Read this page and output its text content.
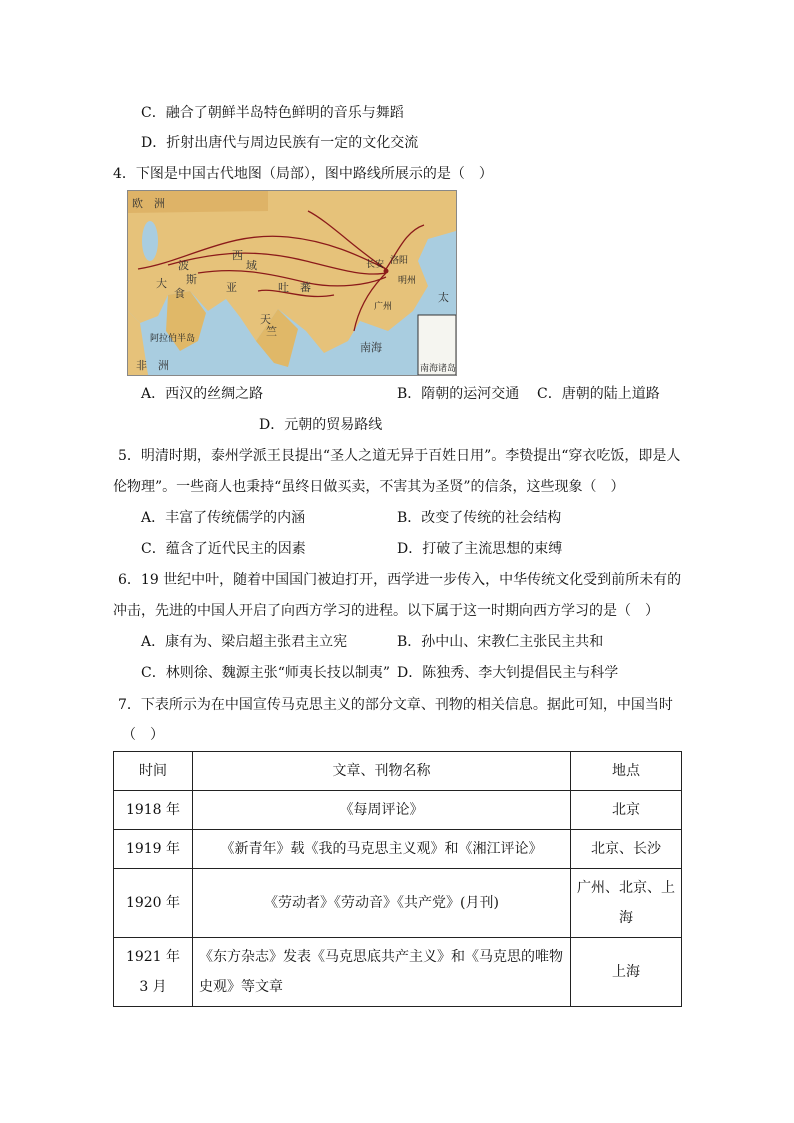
C．融合了朝鲜半岛特色鲜明的音乐与舞蹈
D．折射出唐代与周边民族有一定的文化交流
4．下图是中国古代地图（局部），图中路线所展示的是（　）
欧　洲
非　洲
大
食
波
斯
西
域
亚	吐　蕃
天
竺
阿拉伯半岛
南海
长安 洛阳
明州
广州
太
南海诸岛
A．西汉的丝绸之路	B．隋朝的运河交通 C．唐朝的陆上道路
D．元朝的贸易路线
5．明清时期，泰州学派王艮提出“圣人之道无异于百姓日用”。李贽提出“穿衣吃饭，即是人
伦物理”。一些商人也秉持“虽终日做买卖，不害其为圣贤”的信条，这些现象（　）
A．丰富了传统儒学的内涵	B．改变了传统的社会结构
C．蕴含了近代民主的因素	D．打破了主流思想的束缚
6．19 世纪中叶，随着中国国门被迫打开，西学进一步传入，中华传统文化受到前所未有的
冲击，先进的中国人开启了向西方学习的进程。以下属于这一时期向西方学习的是（　）
A．康有为、梁启超主张君主立宪	B．孙中山、宋教仁主张民主共和
C．林则徐、魏源主张“师夷长技以制夷” D．陈独秀、李大钊提倡民主与科学
7．下表所示为在中国宣传马克思主义的部分文章、刊物的相关信息。据此可知，中国当时
（　）
时间	文章、刊物名称	地点
1918 年	《每周评论》	北京
1919 年	《新青年》载《我的马克思主义观》和《湘江评论》	北京、长沙
1920 年	《劳动者》《劳动音》《共产党》(月刊)	广州、北京、上海
1921 年 3 月	《东方杂志》发表《马克思底共产主义》和《马克思的唯物史观》等文章	上海
